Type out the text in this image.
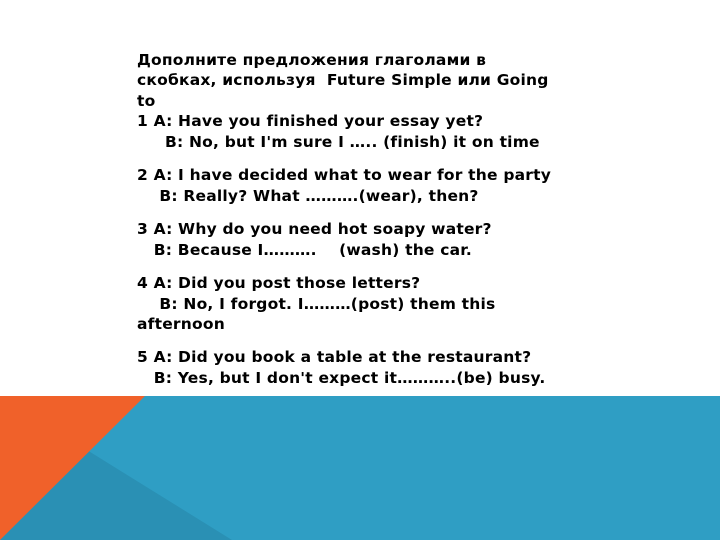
Дополните предложения глаголами в
скобках, используя  Future Simple или Going
to
1 A: Have you finished your essay yet?
B: No, but I'm sure I ….. (finish) it on time
2 A: I have decided what to wear for the party
B: Really? What ……….(wear), then?
3 A: Why do you need hot soapy water?
B: Because I……….    (wash) the car.
4 A: Did you post those letters?
B: No, I forgot. I………(post) them this
afternoon
5 A: Did you book a table at the restaurant?
B: Yes, but I don't expect it………..(be) busy.
